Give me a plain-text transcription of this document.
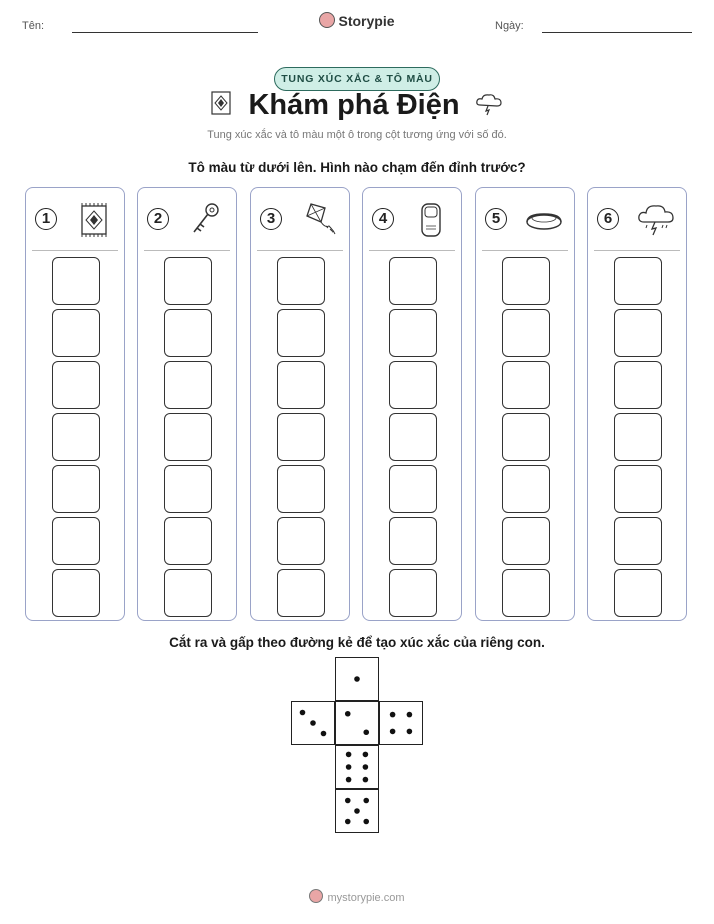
Tên:	Storypie	Ngày:
TUNG XÚC XẮC & TÔ MÀU
Khám phá Điện
Tung xúc xắc và tô màu một ô trong cột tương ứng với số đó.
Tô màu từ dưới lên. Hình nào chạm đến đỉnh trước?
1	2	3	4	5	6
Cắt ra và gấp theo đường kẻ để tạo xúc xắc của riêng con.
mystorypie.com
